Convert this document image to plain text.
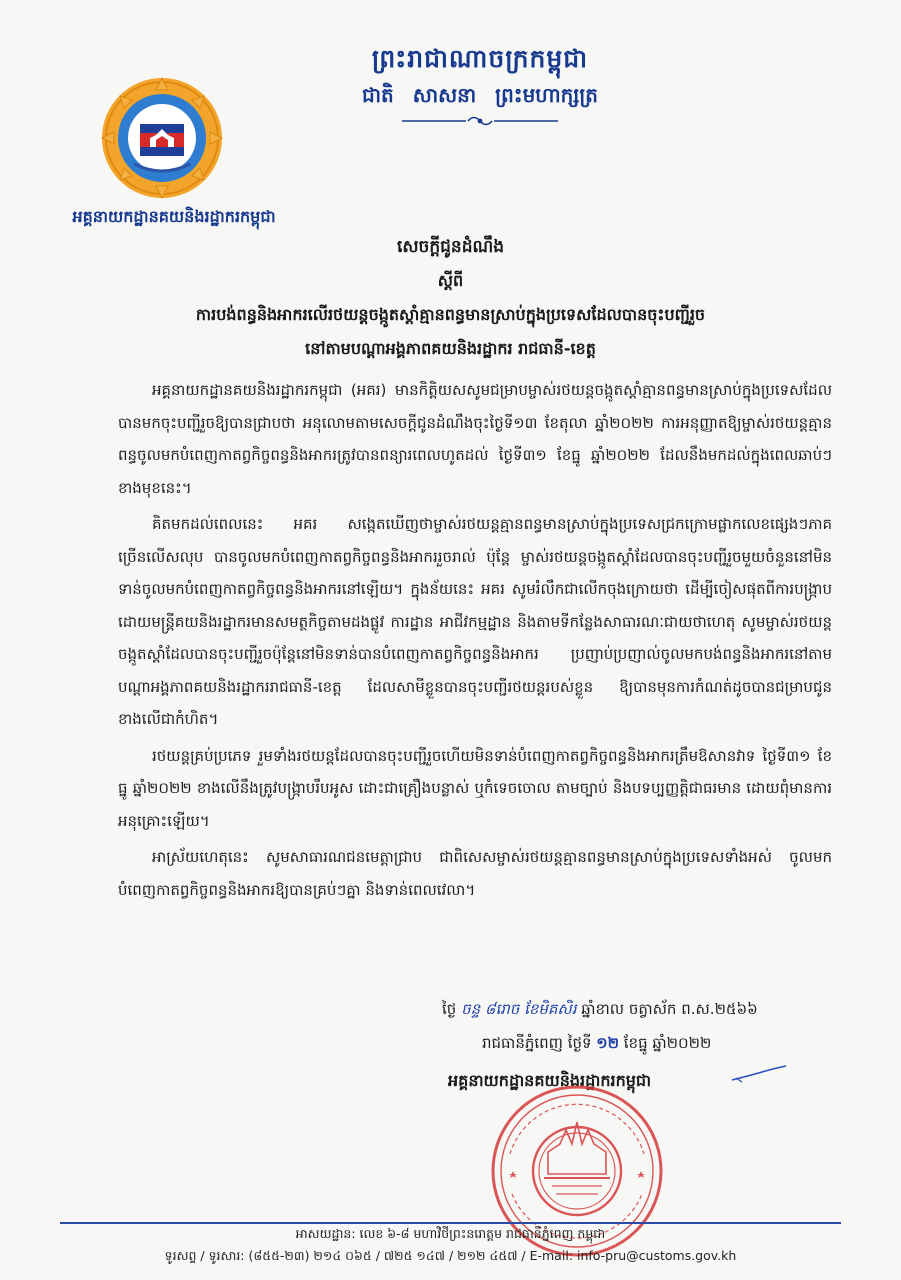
ព្រះរាជាណាចក្រកម្ពុជា
ជាតិ សាសនា ព្រះមហាក្សត្រ
អគ្គនាយកដ្ឋានគយនិងរដ្ឋាករកម្ពុជា
សេចក្ដីជូនដំណឹង
ស្ដីពី
ការបង់ពន្ធនិងអាករលើរថយន្តចង្កូតស្ដាំគ្មានពន្ធមានស្រាប់ក្នុងប្រទេសដែលបានចុះបញ្ជីរួច
នៅតាមបណ្ដាអង្គភាពគយនិងរដ្ឋាករ រាជធានី-ខេត្ត

អគ្គនាយកដ្ឋានគយនិងរដ្ឋាករកម្ពុជា (អគរ) មានកិត្តិយសសូមជម្រាបម្ចាស់រថយន្តចង្កូតស្ដាំគ្មានពន្ធមានស្រាប់ក្នុងប្រទេសដែលបានមកចុះបញ្ជីរួចឱ្យបានជ្រាបថា អនុលោមតាមសេចក្ដីជូនដំណឹងចុះថ្ងៃទី១៣ ខែតុលា ឆ្នាំ២០២២ ការអនុញ្ញាតឱ្យម្ចាស់រថយន្តគ្មានពន្ធចូលមកបំពេញកាតព្វកិច្ចពន្ធនិងអាករត្រូវបានពន្យារពេលហូតដល់ ថ្ងៃទី៣១ ខែធ្នូ ឆ្នាំ២០២២ ដែលនឹងមកដល់ក្នុងពេលឆាប់ៗខាងមុខនេះ។

គិតមកដល់ពេលនេះ អគរ សង្កេតឃើញថាម្ចាស់រថយន្តគ្មានពន្ធមានស្រាប់ក្នុងប្រទេសជ្រកក្រោមផ្លាកលេខផ្សេងៗភាគច្រើនលើសលុប បានចូលមកបំពេញកាតព្វកិច្ចពន្ធនិងអាកររួចរាល់ ប៉ុន្តែ ម្ចាស់រថយន្តចង្កូតស្ដាំដែលបានចុះបញ្ជីរួចមួយចំនួននៅមិនទាន់ចូលមកបំពេញកាតព្វកិច្ចពន្ធនិងអាករនៅឡើយ។ ក្នុងន័យនេះ អគរ សូមរំលឹកជាលើកចុងក្រោយថា ដើម្បីចៀសផុតពីការបង្ក្រាបដោយមន្ត្រីគយនិងរដ្ឋាករមានសមត្ថកិច្ចតាមដងផ្លូវ ការដ្ឋាន អាជីវកម្មដ្ឋាន និងតាមទីកន្លែងសាធារណៈជាយថាហេតុ សូមម្ចាស់រថយន្តចង្កូតស្ដាំដែលបានចុះបញ្ជីរួចប៉ុន្តែនៅមិនទាន់បានបំពេញកាតព្វកិច្ចពន្ធនិងអាករ ប្រញាប់ប្រញាល់ចូលមកបង់ពន្ធនិងអាករនៅតាមបណ្ដាអង្គភាពគយនិងរដ្ឋាកររាជធានី-ខេត្ត ដែលសាមីខ្លួនបានចុះបញ្ជីរថយន្តរបស់ខ្លួន ឱ្យបានមុនការកំណត់ដូចបានជម្រាបជូនខាងលើជាកំហិត។

រថយន្តគ្រប់ប្រភេទ រួមទាំងរថយន្តដែលបានចុះបញ្ជីរួចហើយមិនទាន់បំពេញកាតព្វកិច្ចពន្ធនិងអាករត្រឹមឱសានវាទ ថ្ងៃទី៣១ ខែធ្នូ ឆ្នាំ២០២២ ខាងលើនឹងត្រូវបង្ក្រាបរឹបអូស ដោះជាគ្រឿងបន្លាស់ ឬកំទេចចោល តាមច្បាប់ និងបទប្បញ្ញត្តិជាធរមាន ដោយពុំមានការអនុគ្រោះឡើយ។

អាស្រ័យហេតុនេះ សូមសាធារណជនមេត្តាជ្រាប ជាពិសេសម្ចាស់រថយន្តគ្មានពន្ធមានស្រាប់ក្នុងប្រទេសទាំងអស់ ចូលមកបំពេញកាតព្វកិច្ចពន្ធនិងអាករឱ្យបានគ្រប់ៗគ្នា និងទាន់ពេលវេលា។

ថ្ងៃ ចន្ទ ៨រោច ខែមិគសិរ ឆ្នាំខាល ចត្វាស័ក ព.ស.២៥៦៦
រាជធានីភ្នំពេញ ថ្ងៃទី ១២ ខែធ្នូ ឆ្នាំ២០២២
អគ្គនាយកដ្ឋានគយនិងរដ្ឋាករកម្ពុជា
អាសយដ្ឋាន: លេខ ៦-៨ មហាវិថីព្រះនរោត្តម រាជធានីភ្នំពេញ កម្ពុជា
ទូរសព្ទ / ទូរសារ: (៨៥៥-២៣) ២១៤ ០៦៥ / ៧២៥ ១៤៧ / ២១២ ៤៥៧ / E-mail: info-pru@customs.gov.kh
